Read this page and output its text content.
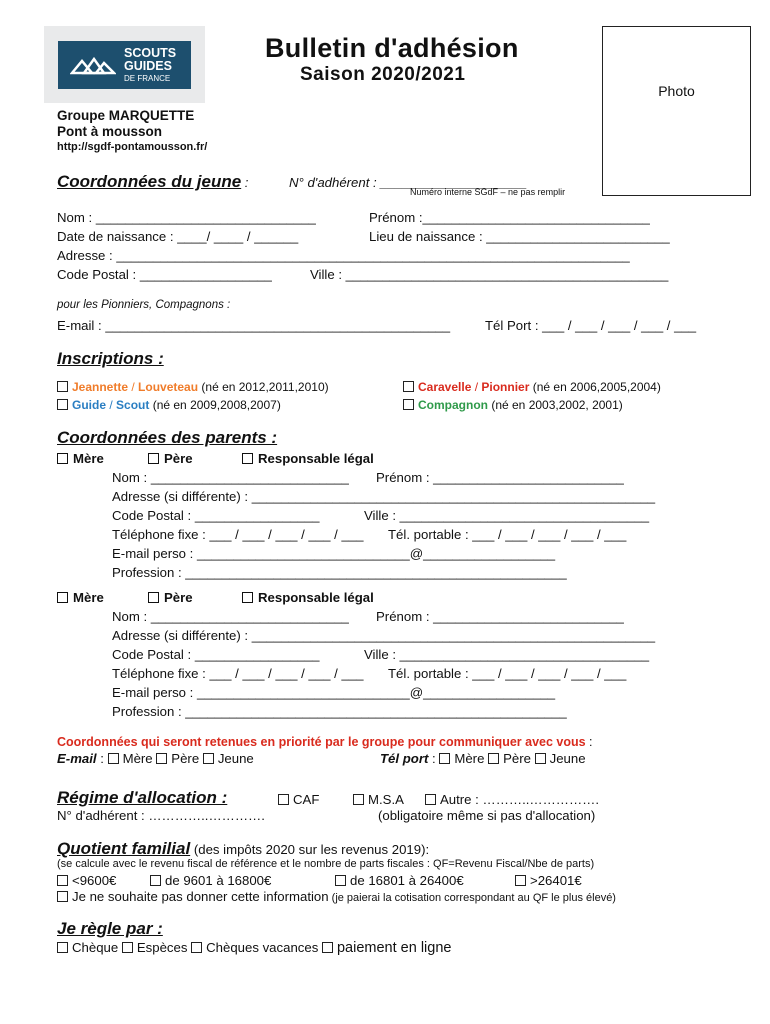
SCOUTS
GUIDES
DE FRANCE
Bulletin d'adhésion
Saison 2020/2021
Photo
Groupe MARQUETTE
Pont à mousson
http://sgdf-pontamousson.fr/
Coordonnées du jeune :	N° d'adhérent : ____________________
Numéro interne SGdF – ne pas remplir
Nom : ______________________________	Prénom :_______________________________
Date de naissance : ____/ ____ / ______	Lieu de naissance : _________________________
Adresse : ______________________________________________________________________
Code Postal : __________________	Ville : ____________________________________________
pour les Pionniers, Compagnons :
E-mail : _______________________________________________	Tél Port : ___ / ___ / ___ / ___ / ___
Inscriptions :
Jeannette / Louveteau (né en 2012,2011,2010)	Caravelle / Pionnier (né en 2006,2005,2004)
Guide / Scout (né en 2009,2008,2007)	Compagnon (né en 2003,2002, 2001)
Coordonnées des parents :
Mère	Père	Responsable légal
Nom : ___________________________ Prénom : __________________________
Adresse (si différente) : _______________________________________________________
Code Postal : _________________	Ville : __________________________________
Téléphone fixe : ___ / ___ / ___ / ___ / ___ Tél. portable : ___ / ___ / ___ / ___ / ___
E-mail perso : _____________________________@__________________
Profession : ____________________________________________________
Mère	Père	Responsable légal
Nom : ___________________________ Prénom : __________________________
Adresse (si différente) : _______________________________________________________
Code Postal : _________________	Ville : __________________________________
Téléphone fixe : ___ / ___ / ___ / ___ / ___ Tél. portable : ___ / ___ / ___ / ___ / ___
E-mail perso : _____________________________@__________________
Profession : ____________________________________________________
Coordonnées qui seront retenues en priorité par le groupe pour communiquer avec vous :
E-mail : Mère Père Jeune	Tél port : Mère Père Jeune
Régime d'allocation :	CAF	M.S.A	Autre : ………..…………….
N° d'adhérent : …………..………….	(obligatoire même si pas d'allocation)
Quotient familial (des impôts 2020 sur les revenus 2019):
(se calcule avec le revenu fiscal de référence et le nombre de parts fiscales : QF=Revenu Fiscal/Nbe de parts)
<9600€	de 9601 à 16800€	de 16801 à 26400€	>26401€
Je ne souhaite pas donner cette information (je paierai la cotisation correspondant au QF le plus élevé)
Je règle par :
Chèque Espèces Chèques vacances paiement en ligne
